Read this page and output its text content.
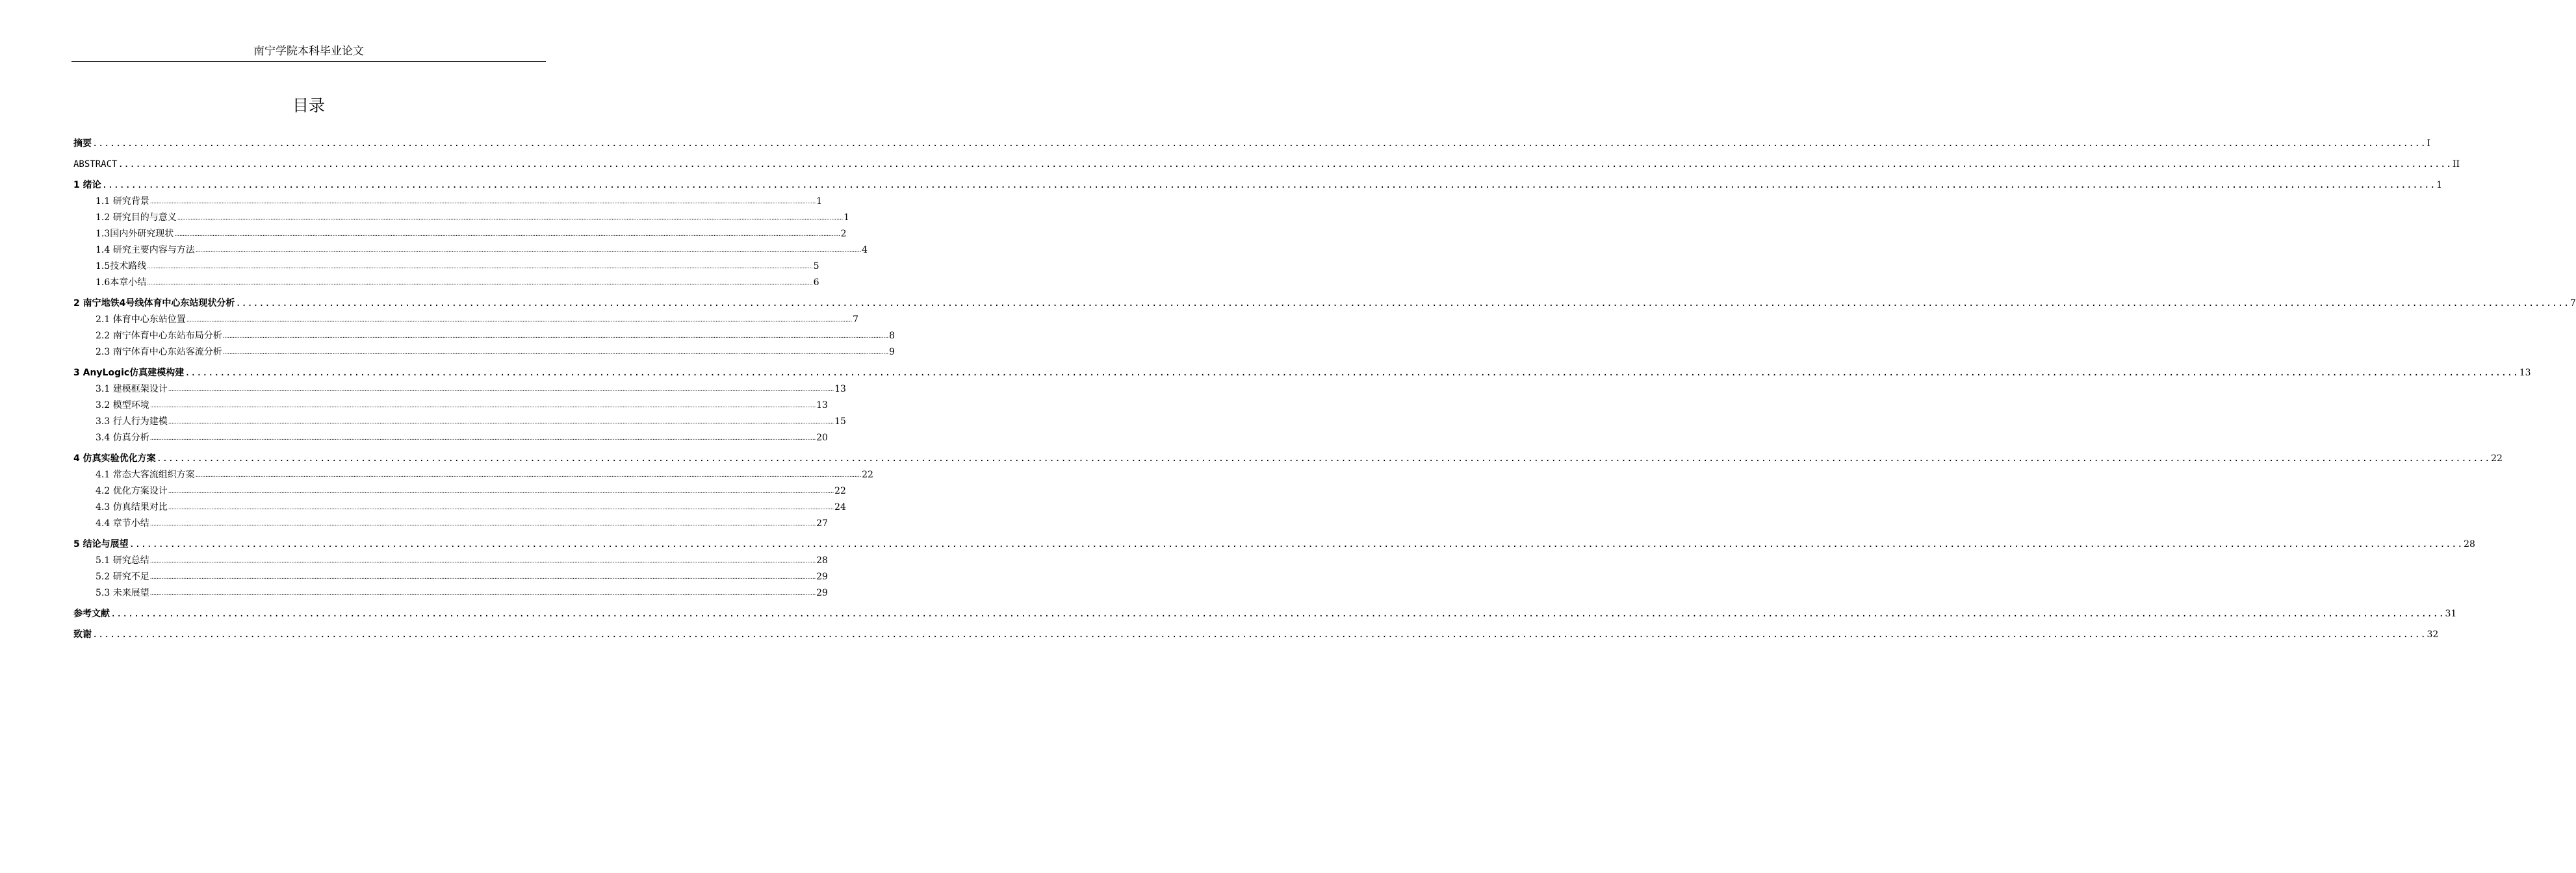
南宁学院本科毕业论文
目录
摘要 ................................................................................................................................................................................................................................................................................................................................................................................................................ I
ABSTRACT ................................................................................................................................................................................................................................................................................................................................................................................................................ II
1 绪论 ................................................................................................................................................................................................................................................................................................................................................................................................................ 1
1.1 研究背景 ................................................................................................................................................................................................................................................................................................................................................................................................................ 1
1.2 研究目的与意义 ................................................................................................................................................................................................................................................................................................................................................................................................................ 1
1.3国内外研究现状 ................................................................................................................................................................................................................................................................................................................................................................................................................ 2
1.4 研究主要内容与方法 ................................................................................................................................................................................................................................................................................................................................................................................................................ 4
1.5技术路线 ................................................................................................................................................................................................................................................................................................................................................................................................................ 5
1.6本章小结 ................................................................................................................................................................................................................................................................................................................................................................................................................ 6
2 南宁地铁4号线体育中心东站现状分析 ................................................................................................................................................................................................................................................................................................................................................................................................................ 7
2.1 体育中心东站位置 ................................................................................................................................................................................................................................................................................................................................................................................................................ 7
2.2 南宁体育中心东站布局分析 ................................................................................................................................................................................................................................................................................................................................................................................................................ 8
2.3 南宁体育中心东站客流分析 ................................................................................................................................................................................................................................................................................................................................................................................................................ 9
3 AnyLogic仿真建模构建 ................................................................................................................................................................................................................................................................................................................................................................................................................ 13
3.1 建模框架设计 ................................................................................................................................................................................................................................................................................................................................................................................................................ 13
3.2 模型环境 ................................................................................................................................................................................................................................................................................................................................................................................................................ 13
3.3 行人行为建模 ................................................................................................................................................................................................................................................................................................................................................................................................................ 15
3.4 仿真分析 ................................................................................................................................................................................................................................................................................................................................................................................................................ 20
4 仿真实验优化方案 ................................................................................................................................................................................................................................................................................................................................................................................................................ 22
4.1 常态大客流组织方案 ................................................................................................................................................................................................................................................................................................................................................................................................................ 22
4.2 优化方案设计 ................................................................................................................................................................................................................................................................................................................................................................................................................ 22
4.3 仿真结果对比 ................................................................................................................................................................................................................................................................................................................................................................................................................ 24
4.4 章节小结 ................................................................................................................................................................................................................................................................................................................................................................................................................ 27
5 结论与展望 ................................................................................................................................................................................................................................................................................................................................................................................................................ 28
5.1 研究总结 ................................................................................................................................................................................................................................................................................................................................................................................................................ 28
5.2 研究不足 ................................................................................................................................................................................................................................................................................................................................................................................................................ 29
5.3 未来展望 ................................................................................................................................................................................................................................................................................................................................................................................................................ 29
参考文献 ................................................................................................................................................................................................................................................................................................................................................................................................................ 31
致谢 ................................................................................................................................................................................................................................................................................................................................................................................................................ 32
